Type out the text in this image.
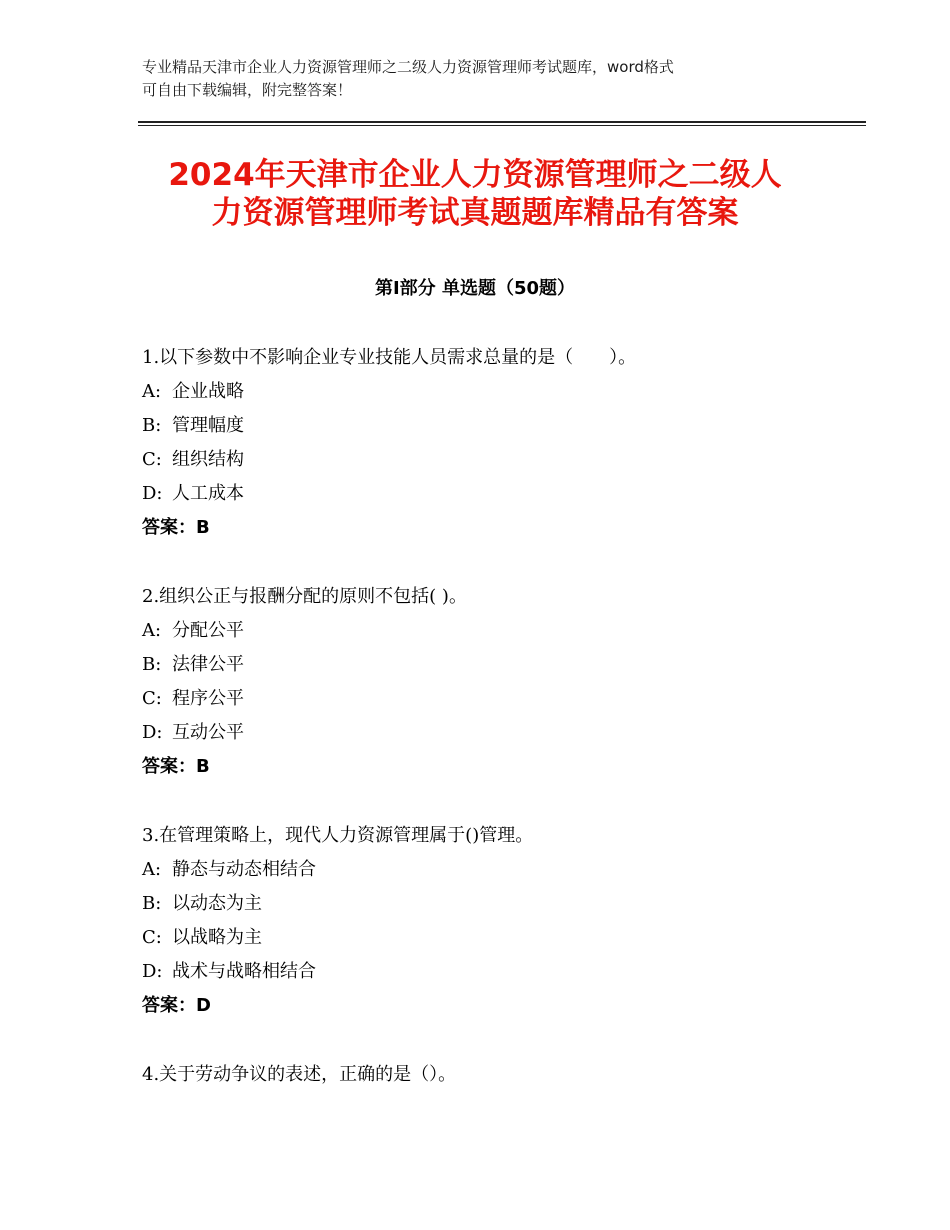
专业精品天津市企业人力资源管理师之二级人力资源管理师考试题库，word格式
可自由下载编辑，附完整答案！
2024年天津市企业人力资源管理师之二级人
力资源管理师考试真题题库精品有答案
第Ⅰ部分 单选题（50题）
1.以下参数中不影响企业专业技能人员需求总量的是（　　）。
A: 企业战略
B: 管理幅度
C: 组织结构
D: 人工成本
答案：B
2.组织公正与报酬分配的原则不包括( )。
A: 分配公平
B: 法律公平
C: 程序公平
D: 互动公平
答案：B
3.在管理策略上，现代人力资源管理属于()管理。
A: 静态与动态相结合
B: 以动态为主
C: 以战略为主
D: 战术与战略相结合
答案：D
4.关于劳动争议的表述，正确的是（）。
